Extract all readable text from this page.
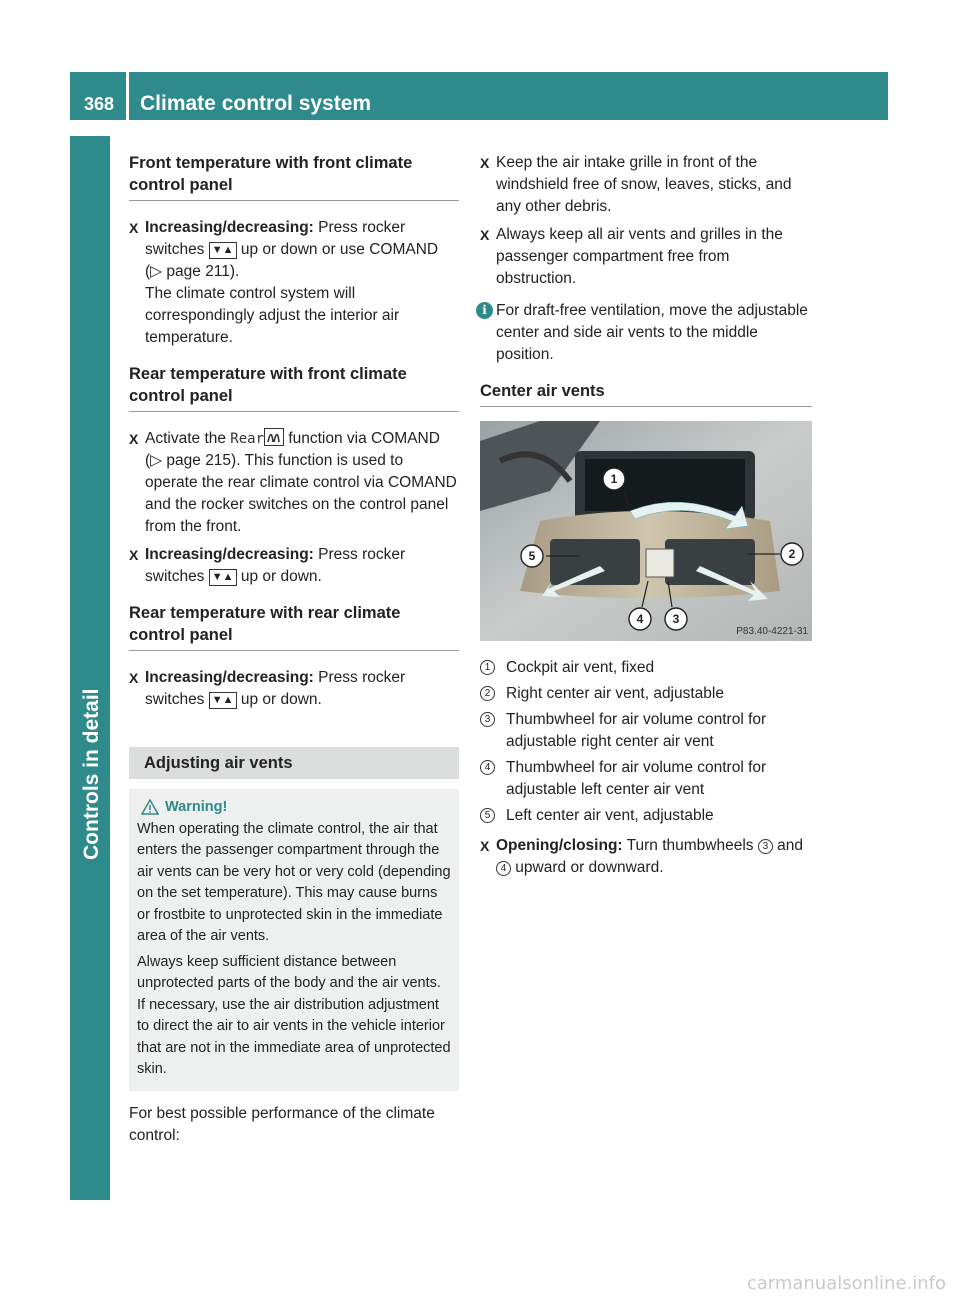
368	Climate control system
Controls in detail
Front temperature with front climate control panel
X Increasing/decreasing: Press rocker switches ▼▲ up or down or use COMAND (▷ page 211).
The climate control system will correspondingly adjust the interior air temperature.
Rear temperature with front climate control panel
X Activate the Rear function via COMAND (▷ page 215). This function is used to operate the rear climate control via COMAND and the rocker switches on the control panel from the front.
X Increasing/decreasing: Press rocker switches ▼▲ up or down.
Rear temperature with rear climate control panel
X Increasing/decreasing: Press rocker switches ▼▲ up or down.
Adjusting air vents
Warning!

When operating the climate control, the air that enters the passenger compartment through the air vents can be very hot or very cold (depending on the set temperature). This may cause burns or frostbite to unprotected skin in the immediate area of the air vents.

Always keep sufficient distance between unprotected parts of the body and the air vents. If necessary, use the air distribution adjustment to direct the air to air vents in the vehicle interior that are not in the immediate area of unprotected skin.

For best possible performance of the climate control:

X Keep the air intake grille in front of the windshield free of snow, leaves, sticks, and any other debris.
X Always keep all air vents and grilles in the passenger compartment free from obstruction.
i For draft-free ventilation, move the adjustable center and side air vents to the middle position.
Center air vents
1
2
3
4
5
P83.40-4221-31
1	Cockpit air vent, fixed
2	Right center air vent, adjustable
3	Thumbwheel for air volume control for adjustable right center air vent
4	Thumbwheel for air volume control for adjustable left center air vent
5	Left center air vent, adjustable
X Opening/closing: Turn thumbwheels 3 and 4 upward or downward.
carmanualsonline.info
